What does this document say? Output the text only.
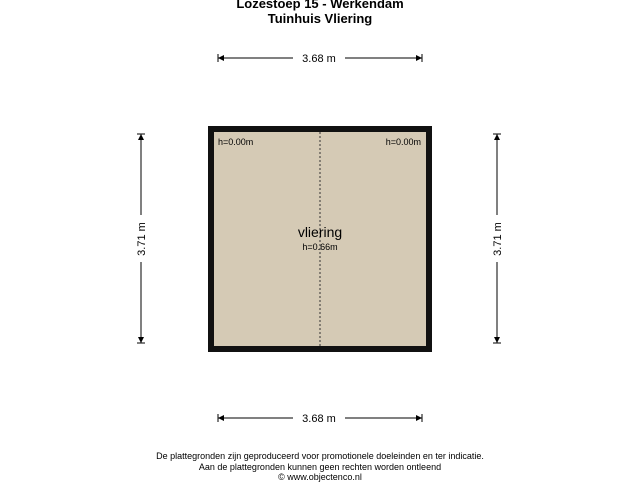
Lozestoep 15 - Werkendam
Tuinhuis Vliering
3.68 m
3.68 m
3.71 m	3.71 m
h=0.00m	h=0.00m
vliering
h=0.66m
De plattegronden zijn geproduceerd voor promotionele doeleinden en ter indicatie.
Aan de plattegronden kunnen geen rechten worden ontleend
© www.objectenco.nl
